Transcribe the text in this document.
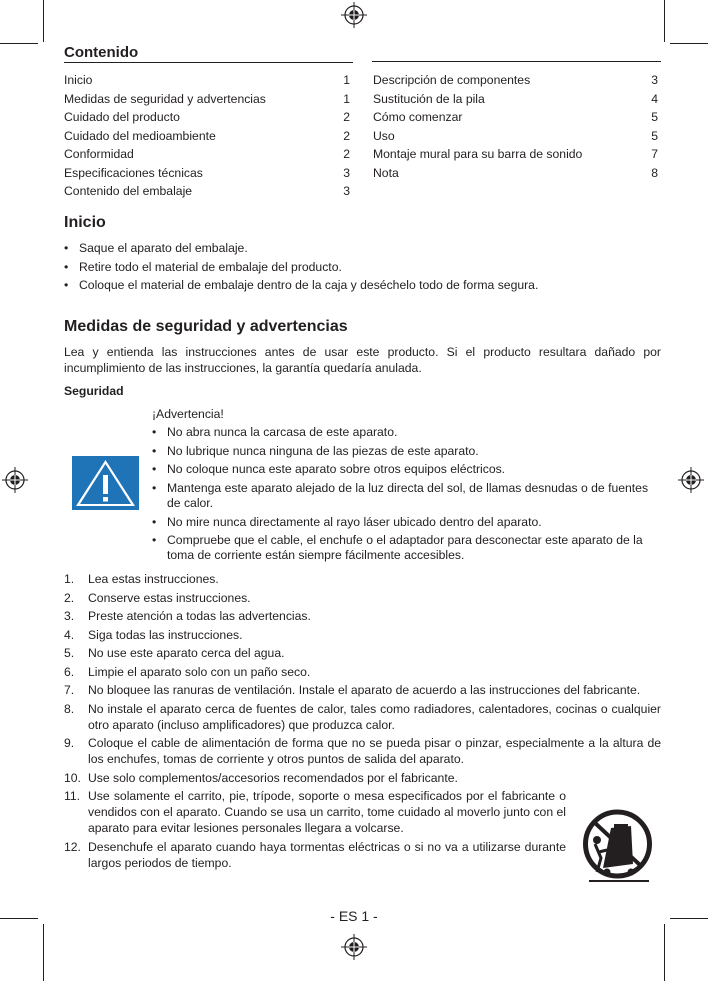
Contenido
Inicio	1
Medidas de seguridad y advertencias	1
Cuidado del producto	2
Cuidado del medioambiente	2
Conformidad	2
Especificaciones técnicas	3
Contenido del embalaje	3
Descripción de componentes	3
Sustitución de la pila	4
Cómo comenzar	5
Uso	5
Montaje mural para su barra de sonido	7
Nota	8
Inicio
• Saque el aparato del embalaje.
• Retire todo el material de embalaje del producto.
• Coloque el material de embalaje dentro de la caja y deséchelo todo de forma segura.
Medidas de seguridad y advertencias

Lea y entienda las instrucciones antes de usar este producto. Si el producto resultara dañado por incumplimiento de las instrucciones, la garantía quedaría anulada.

Seguridad
¡Advertencia!
• No abra nunca la carcasa de este aparato.
• No lubrique nunca ninguna de las piezas de este aparato.
• No coloque nunca este aparato sobre otros equipos eléctricos.
• Mantenga este aparato alejado de la luz directa del sol, de llamas desnudas o de fuentes de calor.
• No mire nunca directamente al rayo láser ubicado dentro del aparato.
• Compruebe que el cable, el enchufe o el adaptador para desconectar este aparato de la toma de corriente están siempre fácilmente accesibles.
1. Lea estas instrucciones.
2. Conserve estas instrucciones.
3. Preste atención a todas las advertencias.
4. Siga todas las instrucciones.
5. No use este aparato cerca del agua.
6. Limpie el aparato solo con un paño seco.
7. No bloquee las ranuras de ventilación. Instale el aparato de acuerdo a las instrucciones del fabricante.
8. No instale el aparato cerca de fuentes de calor, tales como radiadores, calentadores, cocinas o cualquier otro aparato (incluso amplificadores) que produzca calor.
9. Coloque el cable de alimentación de forma que no se pueda pisar o pinzar, especialmente a la altura de los enchufes, tomas de corriente y otros puntos de salida del aparato.
10. Use solo complementos/accesorios recomendados por el fabricante.
11. Use solamente el carrito, pie, trípode, soporte o mesa especificados por el fabricante o vendidos con el aparato. Cuando se usa un carrito, tome cuidado al moverlo junto con el aparato para evitar lesiones personales llegara a volcarse.
12. Desenchufe el aparato cuando haya tormentas eléctricas o si no va a utilizarse durante largos periodos de tiempo.
- ES 1 -
